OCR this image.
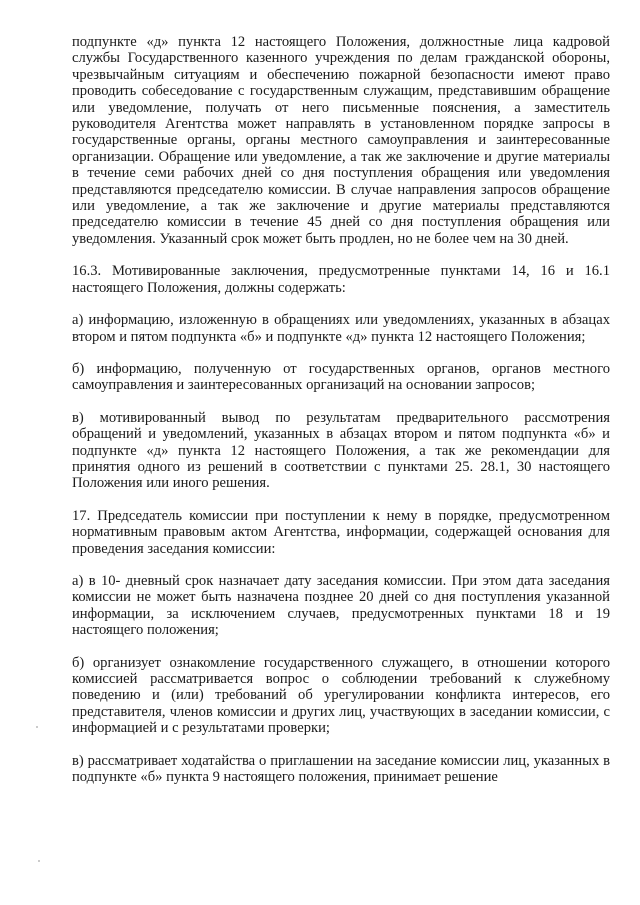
подпункте «д» пункта 12 настоящего Положения, должностные лица кадровой службы Государственного казенного учреждения по делам гражданской обороны, чрезвычайным ситуациям и обеспечению пожарной безопасности имеют право проводить собеседование с государственным служащим, представившим обращение или уведомление, получать от него письменные пояснения, а заместитель руководителя Агентства может направлять в установленном порядке запросы в государственные органы, органы местного самоуправления и заинтересованные организации. Обращение или уведомление, а так же заключение и другие материалы в течение семи рабочих дней со дня поступления обращения или уведомления представляются председателю комиссии. В случае направления запросов обращение или уведомление, а так же заключение и другие материалы представляются председателю комиссии в течение 45 дней со дня поступления обращения или уведомления. Указанный срок может быть продлен, но не более чем на 30 дней.

16.3. Мотивированные заключения, предусмотренные пунктами 14, 16 и 16.1 настоящего Положения, должны содержать:

а) информацию, изложенную в обращениях или уведомлениях, указанных в абзацах втором и пятом подпункта «б» и подпункте «д» пункта 12 настоящего Положения;

б) информацию, полученную от государственных органов, органов местного самоуправления и заинтересованных организаций на основании запросов;

в) мотивированный вывод по результатам предварительного рассмотрения обращений и уведомлений, указанных в абзацах втором и пятом подпункта «б» и подпункте «д» пункта 12 настоящего Положения, а так же рекомендации для принятия одного из решений в соответствии с пунктами 25. 28.1, 30 настоящего Положения или иного решения.

17. Председатель комиссии при поступлении к нему в порядке, предусмотренном нормативным правовым актом Агентства, информации, содержащей основания для проведения заседания комиссии:

а) в 10- дневный срок назначает дату заседания комиссии. При этом дата заседания комиссии не может быть назначена позднее 20 дней со дня поступления указанной информации, за исключением случаев, предусмотренных пунктами 18 и 19 настоящего положения;

б) организует ознакомление государственного служащего, в отношении которого комиссией рассматривается вопрос о соблюдении требований к служебному поведению и (или) требований об урегулировании конфликта интересов, его представителя, членов комиссии и других лиц, участвующих в заседании комиссии, с информацией и с результатами проверки;

в) рассматривает ходатайства о приглашении на заседание комиссии лиц, указанных в подпункте «б» пункта 9 настоящего положения, принимает решение
